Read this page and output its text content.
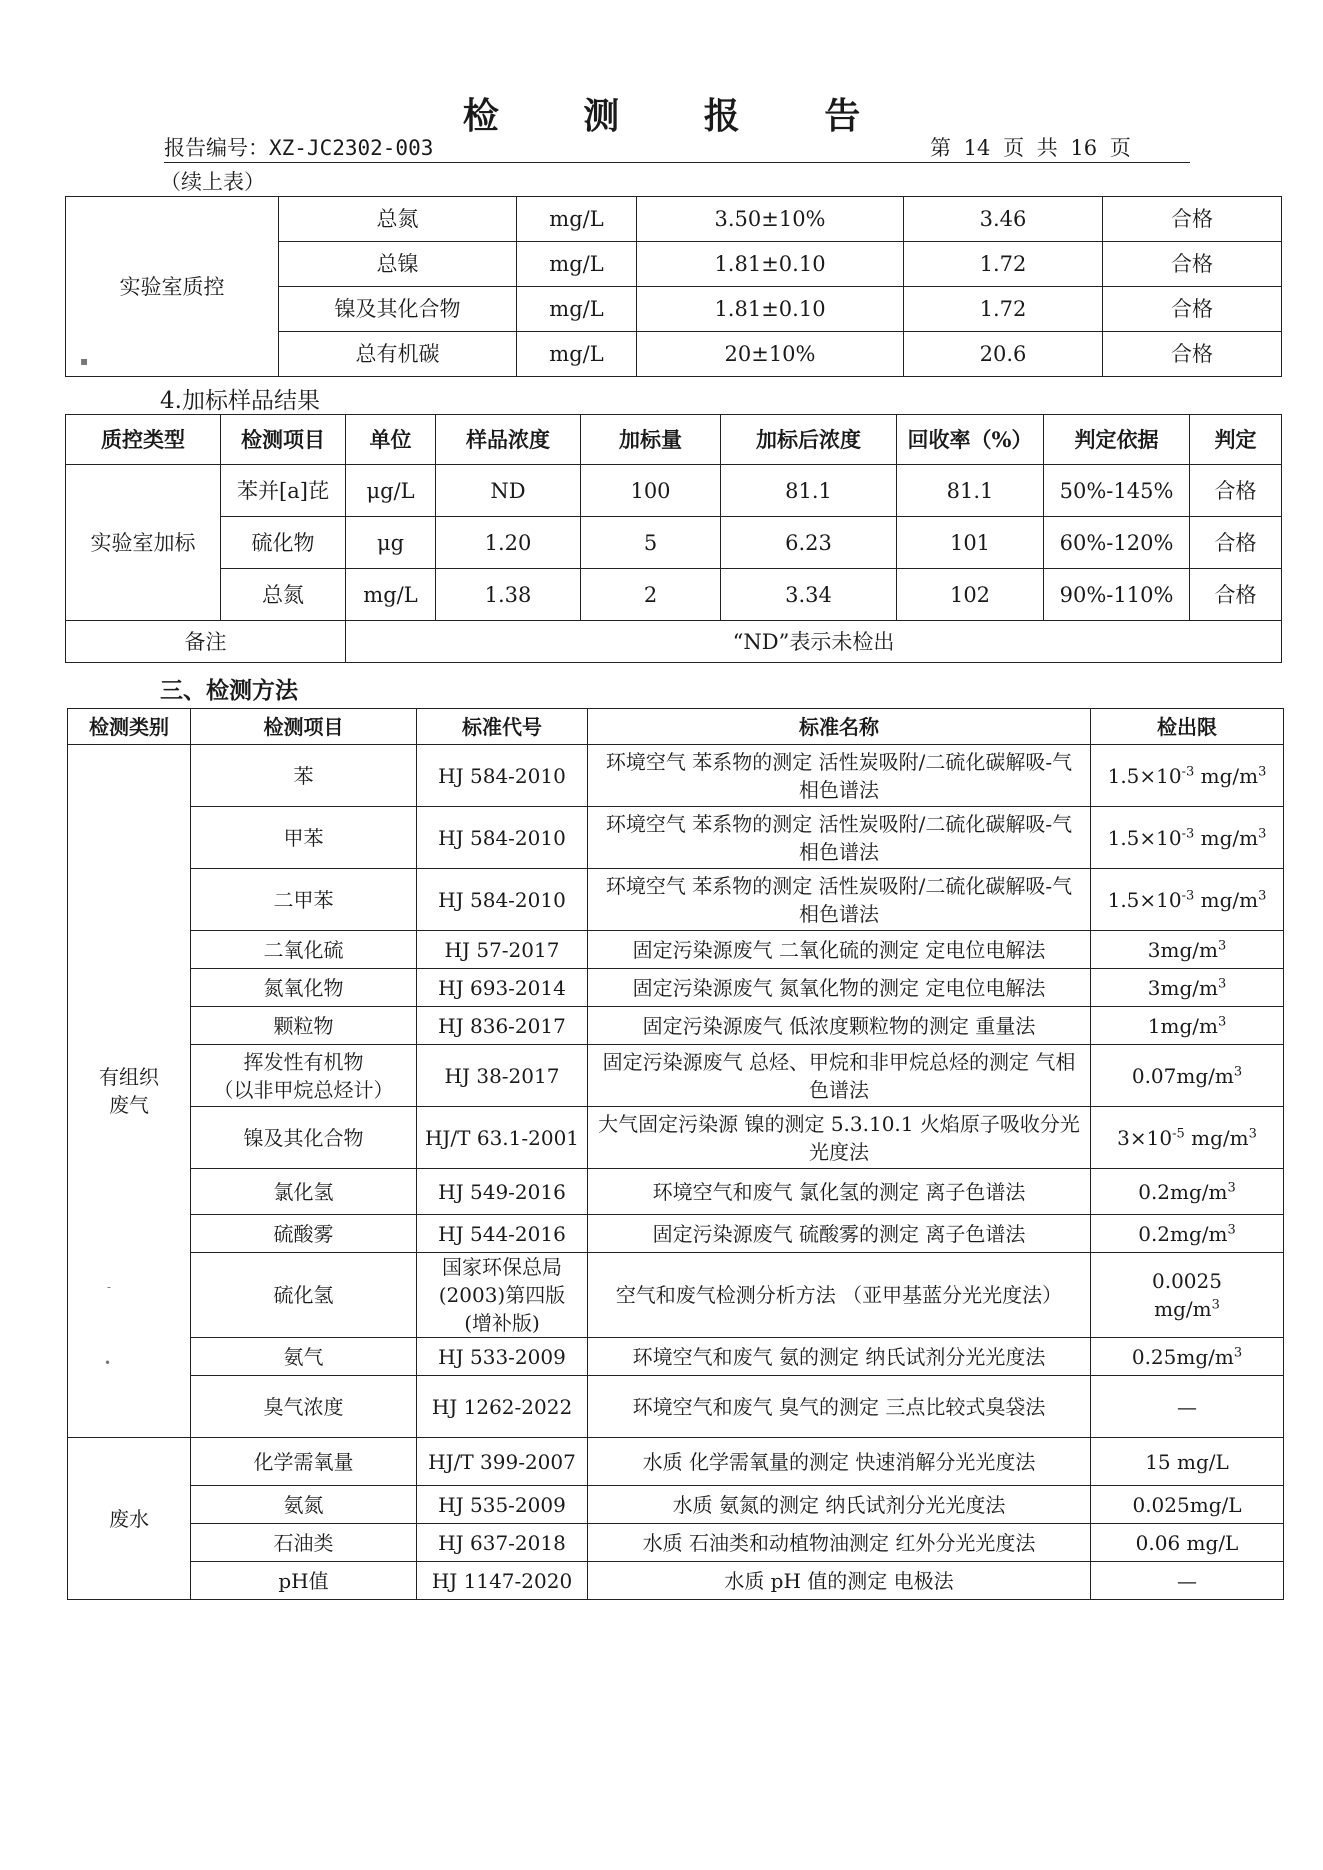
检 测 报 告
报告编号：XZ-JC2302-003	第 14 页 共 16 页
（续上表）
实验室质控	总氮	mg/L	3.50±10%	3.46	合格
	总镍	mg/L	1.81±0.10	1.72	合格
	镍及其化合物	mg/L	1.81±0.10	1.72	合格
	总有机碳	mg/L	20±10%	20.6	合格
4.加标样品结果
质控类型	检测项目	单位	样品浓度	加标量	加标后浓度	回收率（%）	判定依据	判定
实验室加标	苯并[a]芘	μg/L	ND	100	81.1	81.1	50%-145%	合格
	硫化物	μg	1.20	5	6.23	101	60%-120%	合格
	总氮	mg/L	1.38	2	3.34	102	90%-110%	合格
备注		“ND”表示未检出						
三、检测方法
检测类别	检测项目	标准代号	标准名称	检出限
有组织
废气	苯	HJ 584-2010	环境空气 苯系物的测定 活性炭吸附/二硫化碳解吸-气相色谱法	$1.5\times 10^{-3}$ $mg/m^3$
	甲苯	HJ 584-2010	环境空气 苯系物的测定 活性炭吸附/二硫化碳解吸-气相色谱法	$1.5\times 10^{-3}$ $mg/m^3$
	二甲苯	HJ 584-2010	环境空气 苯系物的测定 活性炭吸附/二硫化碳解吸-气相色谱法	$1.5\times 10^{-3}$ $mg/m^3$
	二氧化硫	HJ 57-2017	固定污染源废气 二氧化硫的测定 定电位电解法	$3mg/m^3$
	氮氧化物	HJ 693-2014	固定污染源废气 氮氧化物的测定 定电位电解法	$3mg/m^3$
	颗粒物	HJ 836-2017	固定污染源废气 低浓度颗粒物的测定 重量法	$1mg/m^3$
	挥发性有机物
（以非甲烷总烃计）	HJ 38-2017	固定污染源废气 总烃、甲烷和非甲烷总烃的测定 气相色谱法	$0.07mg/m^3$
	镍及其化合物	HJ/T 63.1-2001	大气固定污染源 镍的测定 5.3.10.1 火焰原子吸收分光光度法	$3\times 10^{-5}$ $mg/m^3$
	氯化氢	HJ 549-2016	环境空气和废气 氯化氢的测定 离子色谱法	$0.2mg/m^3$
	硫酸雾	HJ 544-2016	固定污染源废气 硫酸雾的测定 离子色谱法	$0.2mg/m^3$
	硫化氢	国家环保总局
(2003)第四版
(增补版)	空气和废气检测分析方法 （亚甲基蓝分光光度法）	0.0025
$mg/m^3$
	氨气	HJ 533-2009	环境空气和废气 氨的测定 纳氏试剂分光光度法	$0.25mg/m^3$
	臭气浓度	HJ 1262-2022	环境空气和废气 臭气的测定 三点比较式臭袋法	—
废水	化学需氧量	HJ/T 399-2007	水质 化学需氧量的测定 快速消解分光光度法	15 mg/L
	氨氮	HJ 535-2009	水质 氨氮的测定 纳氏试剂分光光度法	0.025mg/L
	石油类	HJ 637-2018	水质 石油类和动植物油测定 红外分光光度法	0.06 mg/L
	pH值	HJ 1147-2020	水质 pH 值的测定 电极法	—
▪
-
•
